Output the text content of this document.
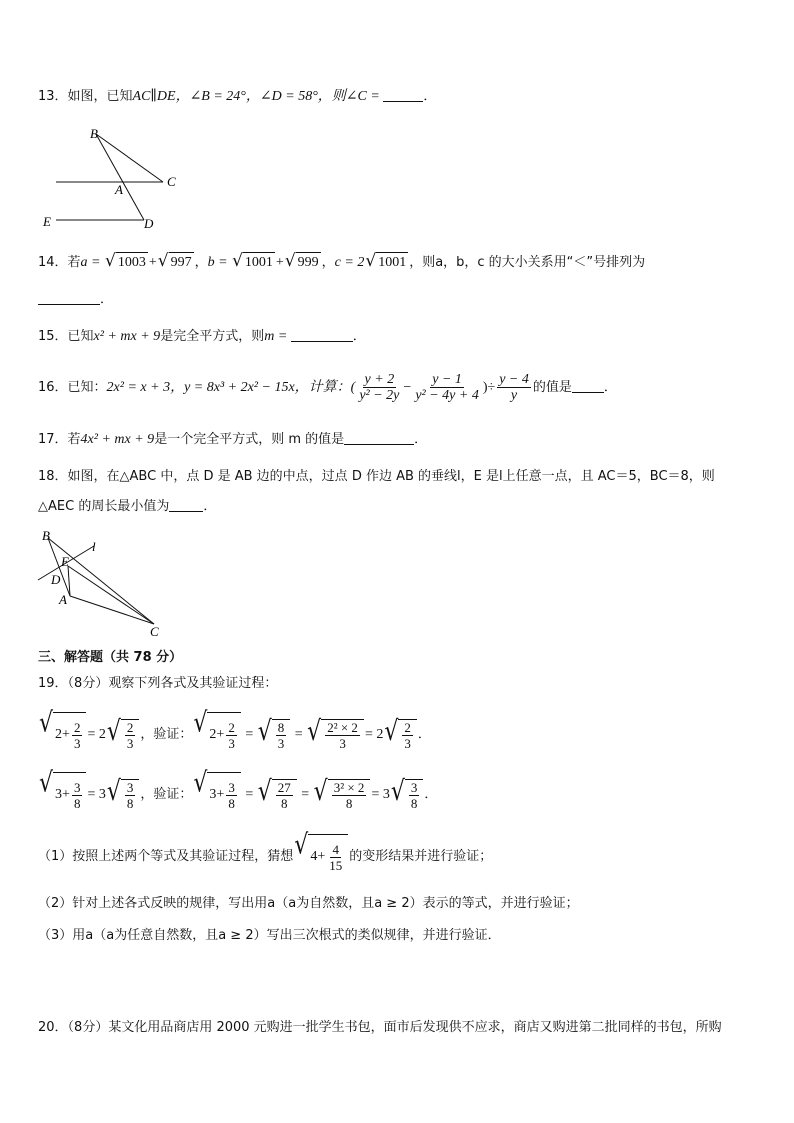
13．如图，已知AC∥DE，∠B = 24°，∠D = 58°，则∠C =	．
B
C
A
E	D
14．若a = √ 1003 + √ 997 ，b = √ 1001 + √ 999 ，c = 2 √ 1001 ，则a，b，c 的大小关系用“＜”号排列为
．
15．已知x² + mx + 9是完全平方式，则m =	．
16．已知：2x² = x + 3，y = 8x³ + 2x² − 15x，计算：( $\frac{y + 2}{\text{y² − 2y}} - \frac{y - 1}{\text{y² − 4y + 4}}$ )÷ $\frac{y - 4}{y}$ 的值是 ．
17．若4x² + mx + 9是一个完全平方式，则 m 的值是	．
18．如图，在△ABC 中，点 D 是 AB 边的中点，过点 D 作边 AB 的垂线l，E 是l上任意一点，且 AC＝5，BC＝8，则
△AEC 的周长最小值为	．
B
l
E
D
A
C
三、解答题（共 78 分）
19．（8分）观察下列各式及其验证过程：
√ $2+ \frac{2}{3} = 2$ √ $\frac{2}{3}$ ，验证： √ $2+ \frac{2}{3}$ = √ $\frac{8}{3}$ = √ $\frac{\text{2² × 2}}{3} = 2$ √ $\frac{2}{3}$ ．
√ $3+ \frac{3}{8} = 3$ √ $\frac{3}{8}$ ，验证： √ $3+ \frac{3}{8}$ = √ $\frac{27}{8}$ = √ $\frac{\text{3² × 2}}{8} = 3$ √ $\frac{3}{8}$ ．
（1）按照上述两个等式及其验证过程，猜想 √ $4+ \frac{4}{15}$ 的变形结果并进行验证；
（2）针对上述各式反映的规律，写出用a（a为自然数，且a ≥ 2）表示的等式，并进行验证；
（3）用a（a为任意自然数，且a ≥ 2）写出三次根式的类似规律，并进行验证．
20．（8分）某文化用品商店用 2000 元购进一批学生书包，面市后发现供不应求，商店又购进第二批同样的书包，所购
